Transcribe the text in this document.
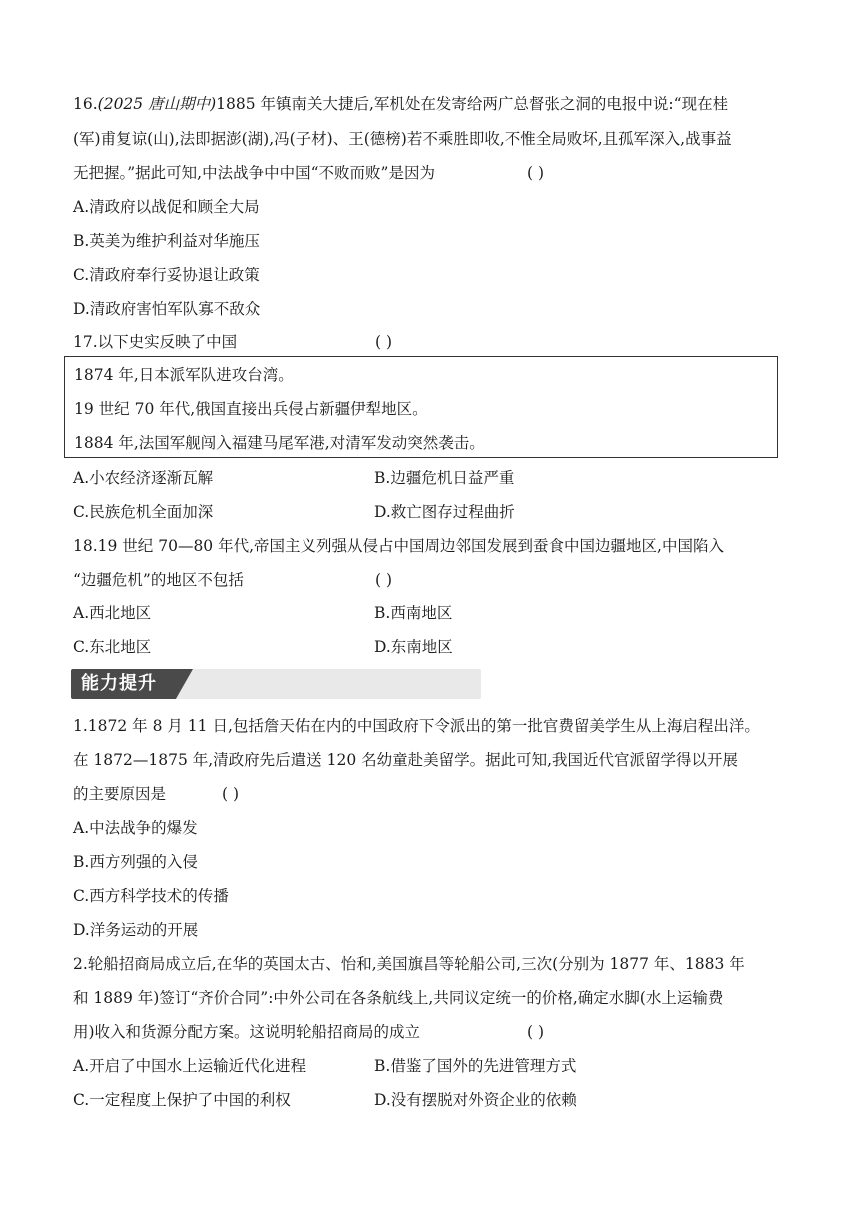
16.(2025 唐山期中)1885 年镇南关大捷后,军机处在发寄给两广总督张之洞的电报中说:“现在桂
(军)甫复谅(山),法即据澎(湖),冯(子材)、王(德榜)若不乘胜即收,不惟全局败坏,且孤军深入,战事益
无把握。”据此可知,中法战争中中国“不败而败”是因为	( )
A.清政府以战促和顾全大局
B.英美为维护利益对华施压
C.清政府奉行妥协退让政策
D.清政府害怕军队寡不敌众
17.以下史实反映了中国	( )
1874 年,日本派军队进攻台湾。
19 世纪 70 年代,俄国直接出兵侵占新疆伊犁地区。
1884 年,法国军舰闯入福建马尾军港,对清军发动突然袭击。
A.小农经济逐渐瓦解	B.边疆危机日益严重
C.民族危机全面加深	D.救亡图存过程曲折
18.19 世纪 70—80 年代,帝国主义列强从侵占中国周边邻国发展到蚕食中国边疆地区,中国陷入
“边疆危机”的地区不包括	( )
A.西北地区	B.西南地区
C.东北地区	D.东南地区
能力提升
1.1872 年 8 月 11 日,包括詹天佑在内的中国政府下令派出的第一批官费留美学生从上海启程出洋。
在 1872—1875 年,清政府先后遣送 120 名幼童赴美留学。据此可知,我国近代官派留学得以开展
的主要原因是	( )
A.中法战争的爆发
B.西方列强的入侵
C.西方科学技术的传播
D.洋务运动的开展
2.轮船招商局成立后,在华的英国太古、怡和,美国旗昌等轮船公司,三次(分别为 1877 年、1883 年
和 1889 年)签订“齐价合同”:中外公司在各条航线上,共同议定统一的价格,确定水脚(水上运输费
用)收入和货源分配方案。这说明轮船招商局的成立	( )
A.开启了中国水上运输近代化进程	B.借鉴了国外的先进管理方式
C.一定程度上保护了中国的利权	D.没有摆脱对外资企业的依赖
